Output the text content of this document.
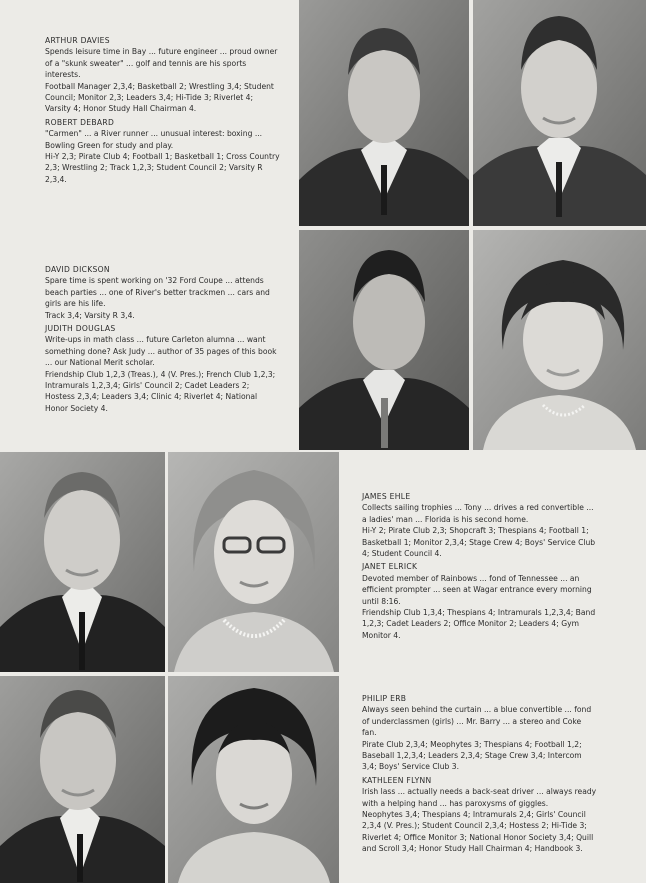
ARTHUR DAVIES

Spends leisure time in Bay ... future engineer ... proud owner of a "skunk sweater" ... golf and tennis are his sports interests.

Football Manager 2,3,4; Basketball 2; Wrestling 3,4; Student Council; Monitor 2,3; Leaders 3,4; Hi-Tide 3; Riverlet 4; Varsity 4; Honor Study Hall Chairman 4.

ROBERT DEBARD

"Carmen" ... a River runner ... unusual interest: boxing ... Bowling Green for study and play.

Hi-Y 2,3; Pirate Club 4; Football 1; Basketball 1; Cross Country 2,3; Wrestling 2; Track 1,2,3; Student Council 2; Varsity R 2,3,4.

DAVID DICKSON

Spare time is spent working on '32 Ford Coupe ... attends beach parties ... one of River's better trackmen ... cars and girls are his life.

Track 3,4; Varsity R 3,4.

JUDITH DOUGLAS

Write-ups in math class ... future Carleton alumna ... want something done? Ask Judy ... author of 35 pages of this book ... our National Merit scholar.

Friendship Club 1,2,3 (Treas.), 4 (V. Pres.); French Club 1,2,3; Intramurals 1,2,3,4; Girls' Council 2; Cadet Leaders 2; Hostess 2,3,4; Leaders 3,4; Clinic 4; Riverlet 4; National Honor Society 4.

JAMES EHLE

Collects sailing trophies ... Tony ... drives a red convertible ... a ladies' man ... Florida is his second home.

Hi-Y 2; Pirate Club 2,3; Shopcraft 3; Thespians 4; Football 1; Basketball 1; Monitor 2,3,4; Stage Crew 4; Boys' Service Club 4; Student Council 4.

JANET ELRICK

Devoted member of Rainbows ... fond of Tennessee ... an efficient prompter ... seen at Wagar entrance every morning until 8:16.

Friendship Club 1,3,4; Thespians 4; Intramurals 1,2,3,4; Band 1,2,3; Cadet Leaders 2; Office Monitor 2; Leaders 4; Gym Monitor 4.

PHILIP ERB

Always seen behind the curtain ... a blue convertible ... fond of underclassmen (girls) ... Mr. Barry ... a stereo and Coke fan.

Pirate Club 2,3,4; Meophytes 3; Thespians 4; Football 1,2; Baseball 1,2,3,4; Leaders 2,3,4; Stage Crew 3,4; Intercom 3,4; Boys' Service Club 3.

KATHLEEN FLYNN

Irish lass ... actually needs a back-seat driver ... always ready with a helping hand ... has paroxysms of giggles.

Neophytes 3,4; Thespians 4; Intramurals 2,4; Girls' Council 2,3,4 (V. Pres.); Student Council 2,3,4; Hostess 2; Hi-Tide 3; Riverlet 4; Office Monitor 3; National Honor Society 3,4; Quill and Scroll 3,4; Honor Study Hall Chairman 4; Handbook 3.
